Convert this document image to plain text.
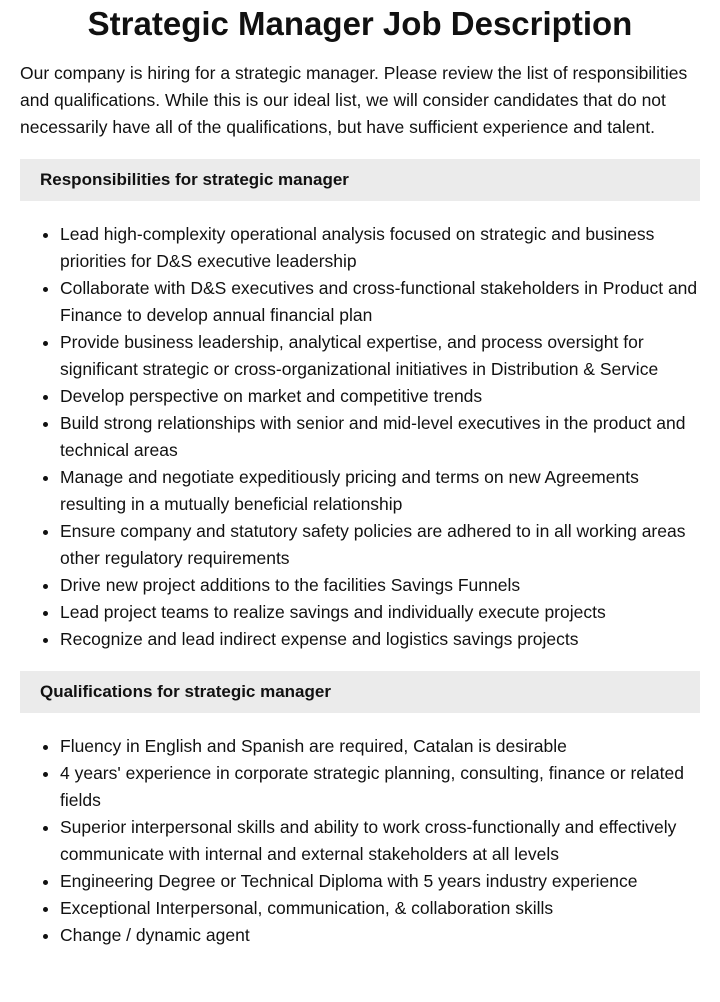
Strategic Manager Job Description
Our company is hiring for a strategic manager. Please review the list of responsibilities and qualifications. While this is our ideal list, we will consider candidates that do not necessarily have all of the qualifications, but have sufficient experience and talent.
Responsibilities for strategic manager
• Lead high-complexity operational analysis focused on strategic and business priorities for D&S executive leadership
• Collaborate with D&S executives and cross-functional stakeholders in Product and Finance to develop annual financial plan
• Provide business leadership, analytical expertise, and process oversight for significant strategic or cross-organizational initiatives in Distribution & Service
• Develop perspective on market and competitive trends
• Build strong relationships with senior and mid-level executives in the product and technical areas
• Manage and negotiate expeditiously pricing and terms on new Agreements resulting in a mutually beneficial relationship
• Ensure company and statutory safety policies are adhered to in all working areas other regulatory requirements
• Drive new project additions to the facilities Savings Funnels
• Lead project teams to realize savings and individually execute projects
• Recognize and lead indirect expense and logistics savings projects
Qualifications for strategic manager
• Fluency in English and Spanish are required, Catalan is desirable
• 4 years' experience in corporate strategic planning, consulting, finance or related fields
• Superior interpersonal skills and ability to work cross-functionally and effectively communicate with internal and external stakeholders at all levels
• Engineering Degree or Technical Diploma with 5 years industry experience
• Exceptional Interpersonal, communication, & collaboration skills
• Change / dynamic agent
